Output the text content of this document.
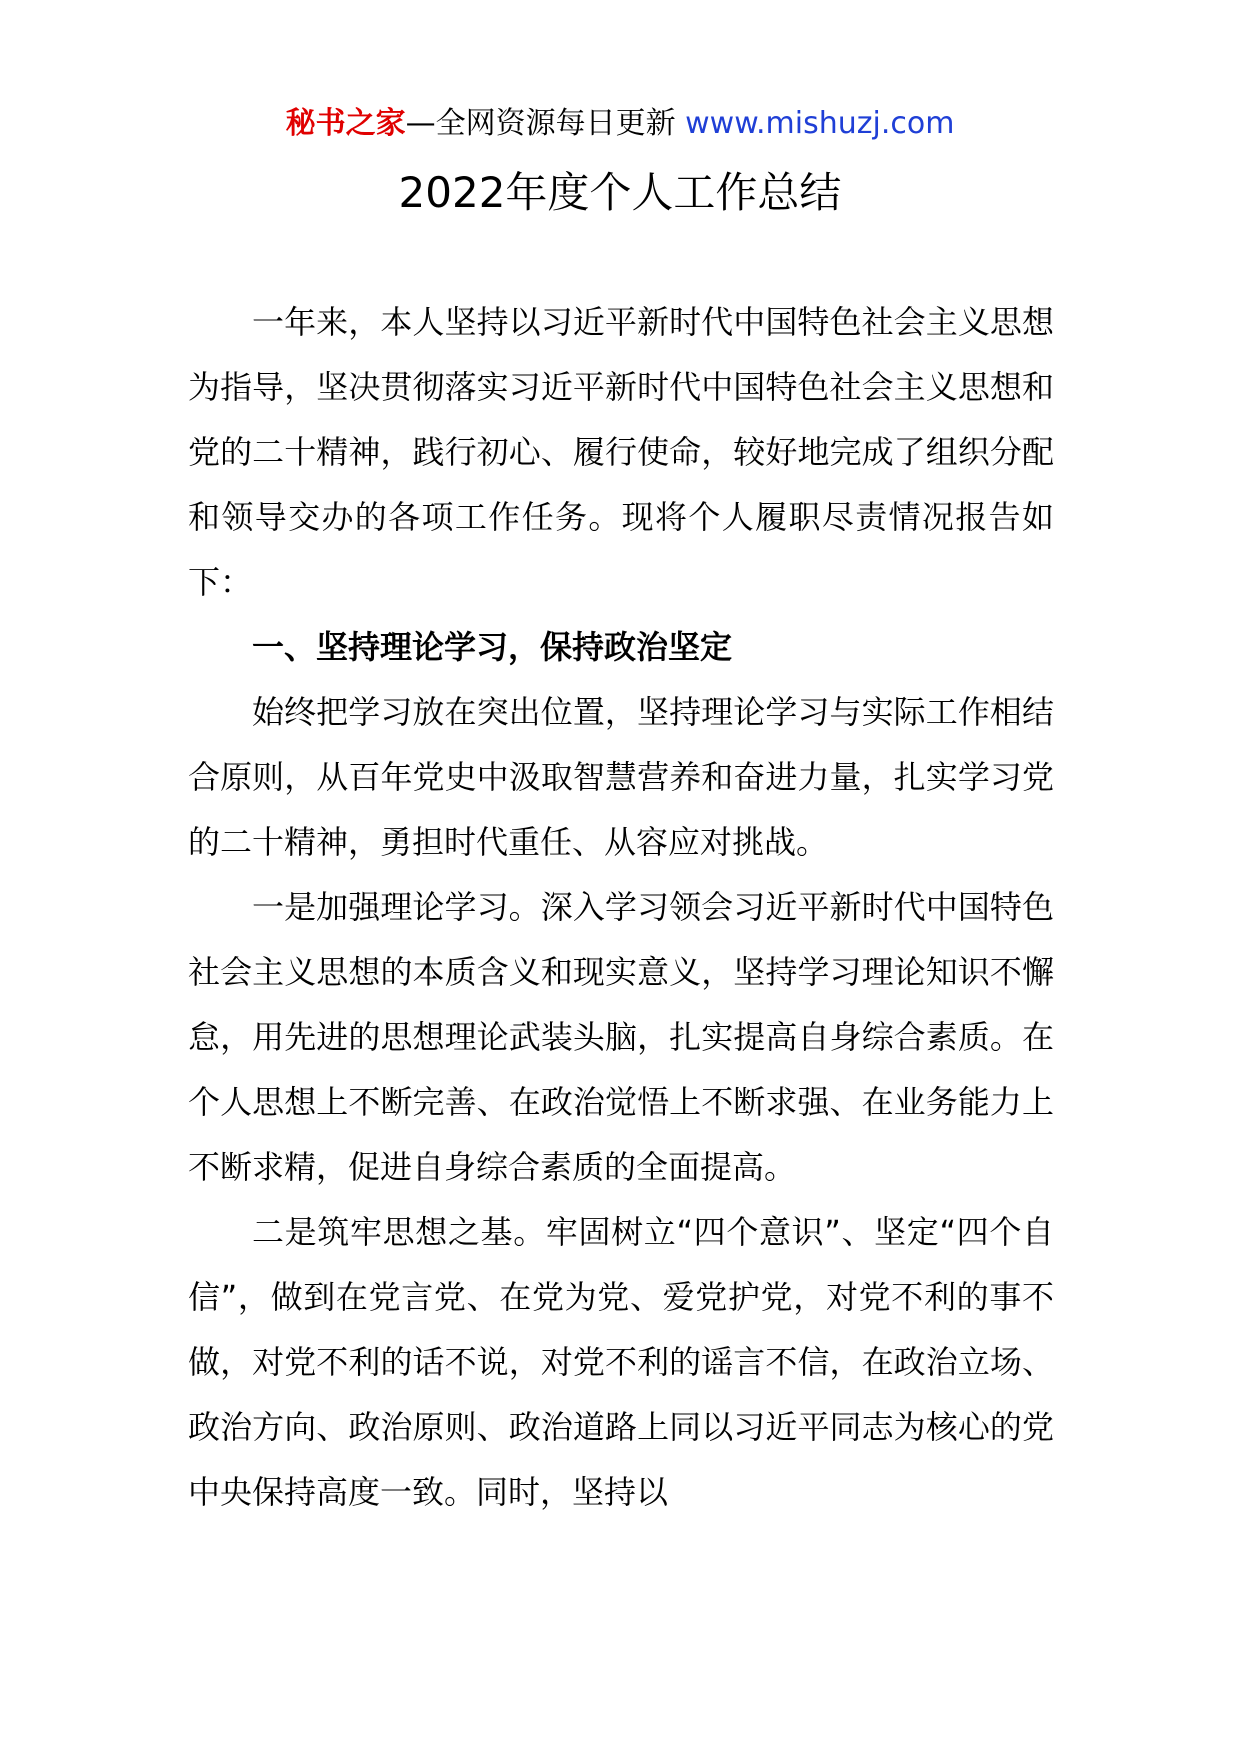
秘书之家—全网资源每日更新 www.mishuzj.com
2022年度个人工作总结

一年来，本人坚持以习近平新时代中国特色社会主义思想为指导，坚决贯彻落实习近平新时代中国特色社会主义思想和党的二十精神，践行初心、履行使命，较好地完成了组织分配和领导交办的各项工作任务。现将个人履职尽责情况报告如下：

一、坚持理论学习，保持政治坚定

始终把学习放在突出位置，坚持理论学习与实际工作相结合原则，从百年党史中汲取智慧营养和奋进力量，扎实学习党的二十精神，勇担时代重任、从容应对挑战。

一是加强理论学习。深入学习领会习近平新时代中国特色社会主义思想的本质含义和现实意义，坚持学习理论知识不懈怠，用先进的思想理论武装头脑，扎实提高自身综合素质。在个人思想上不断完善、在政治觉悟上不断求强、在业务能力上不断求精，促进自身综合素质的全面提高。

二是筑牢思想之基。牢固树立“四个意识”、坚定“四个自信”，做到在党言党、在党为党、爱党护党，对党不利的事不做，对党不利的话不说，对党不利的谣言不信，在政治立场、政治方向、政治原则、政治道路上同以习近平同志为核心的党中央保持高度一致。同时，坚持以
